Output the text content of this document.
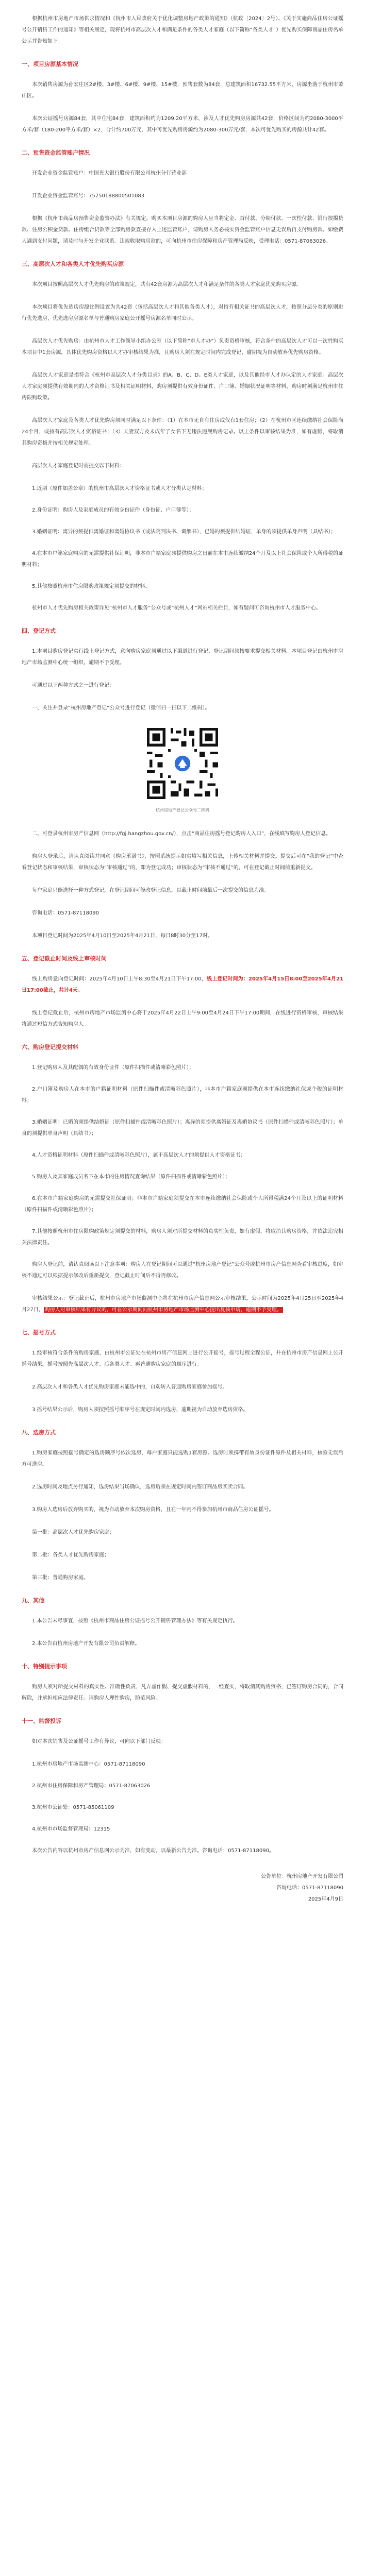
根据杭州市房地产市场供求情况和《杭州市人民政府关于优化调整房地产政策的通知》（杭政〔2024〕2号）、《关于实施商品住房公证摇号公开销售工作的通知》等相关规定，现将杭州市高层次人才和满足条件的各类人才家庭（以下简称“各类人才”）优先购买保障商品住房名单公示并告知如下：

一、项目房源基本情况

本次销售房源为孙宏庄区2#楼、3#楼、6#楼、9#楼、15#楼，预售套数为84套，总建筑面积16732.55平方米，房源坐落于杭州市萧山区。

本次公证摇号房源84套，其中住宅84套，建筑面积约为1209.20平方米，涉及人才优先购房房源共42套，价格区间为约2080-3000平方米/套（180-200平方米/套）×2，合计约700万元，其中可优先购房房源约为2080-300万元/套，本次可优先购买的房源共计42套。

二、预售资金监管账户情况

开发企业资金监管账户：中国光大银行股份有限公司杭州分行营业部

开发企业资金监管账号：75750188800501083

根据《杭州市商品房预售资金监管办法》有关规定，购买本项目房源的购房人应当将定金、首付款、分期付款、一次性付款、银行按揭贷款、住房公积金贷款、住房组合贷款等全部购房款直接存入上述监管账户，请购房人务必核实资金监管账户信息无误后再支付购房款。如缴费人遇到支付问题，请及时与开发企业联系。违规收取购房款的，可向杭州市住房保障和房产管理局反映，受理电话：0571-87063026。

三、高层次人才和各类人才优先购买房源

本次项目按照高层次人才优先购房的政策规定，共有42套房源为高层次人才和满足条件的各类人才家庭优先购买房源。

本次项目将优先选房房源比例设置为共42套（包括高层次人才和其他各类人才），对持有相关证书的高层次人才，按照分层分类的原则进行优先选房，优先选房房源名单与普通购房家庭公开摇号房源名单同时公示。

高层次人才优先购房：由杭州市人才工作领导小组办公室（以下简称“市人才办”）负责资格审核，符合条件的高层次人才可以一次性购买本项目中1套房源，具体优先购房资格以人才办审核结果为准，且购房人须在规定时间内完成登记，逾期视为自动放弃优先购房资格。

高层次人才家庭是指符合《杭州市高层次人才分类目录》的A、B、C、D、E类人才家庭，以及其他经市人才办认定的人才家庭。高层次人才家庭须提供有效期内的人才资格证书及相关证明材料，购房须提供有效身份证件、户口簿、婚姻状况证明等材料，购房时须满足杭州市住房限购政策。

高层次人才家庭及各类人才优先购房须同时满足以下条件：（1）在本市无自有住房或仅有1套住房；（2）在杭州市区连续缴纳社会保险满24个月，或持有高层次人才资格证书；（3）夫妻双方及未成年子女名下无违法违规购房记录。以上条件以审核结果为准，如有虚假，将取消其购房资格并按相关规定处理。

高层次人才家庭登记时需提交以下材料：

1.近期（原件加盖公章）的杭州市高层次人才资格证书或人才分类认定材料；
2.身份证明：购房人及家庭成员的有效身份证件（身份证、户口簿等）；
3.婚姻证明：离异的须提供离婚证和离婚协议书（或法院判决书、调解书），已婚的须提供结婚证，单身的须提供单身声明（具结书）；
4.在本市户籍家庭购房的无需提供社保证明，非本市户籍家庭须提供购房之日前在本市连续缴纳24个月及以上社会保险或个人所得税的证明材料；
5.其他按照杭州市住房限购政策规定须提交的材料。

杭州市人才优先购房相关政策详见“杭州市人才服务”公众号或“杭州人才”网站相关栏目，如有疑问可咨询杭州市人才服务中心。

四、登记方式

1.本项目购房登记实行线上登记方式，意向购房家庭须通过以下渠道进行登记，登记期间须按要求提交相关材料。本项目登记由杭州市房地产市场监测中心统一组织，逾期不予受理。

可通过以下两种方式之一进行登记：

一、关注并登录“杭州房地产登记”公众号进行登记（微信扫一扫以下二维码）。

杭州房地产登记公众号二维码

二、可登录杭州市房产信息网（http://fgj.hangzhou.gov.cn/），点击“商品住房摇号登记购房人入口”，在线填写购房人登记信息。

购房人登录后，请认真阅读并同意《购房承诺书》，按照系统提示如实填写相关信息，上传相关材料并提交。提交后可在“我的登记”中查看登记状态和审核结果，审核状态为“审核通过”的，即为登记成功；审核状态为“审核不通过”的，可在登记截止时间前重新提交。

每户家庭只能选择一种方式登记，在登记期间可修改登记信息，以截止时间前最后一次提交的信息为准。

咨询电话：0571-87118090

本项目登记时间为2025年4月10日至2025年4月21日，每日8时30分至17时。

五、登记截止时间及线上审核时间

线上购房意向登记时间：2025年4月10日上午8:30至4月21日下午17:00，线上登记时间为：2025年4月15日8:00至2025年4月21日17:00截止，共计4天。

线上登记截止后，杭州市房地产市场监测中心将于2025年4月22日上午9:00至4月24日下午17:00期间，在线进行资格审核，审核结果将通过短信方式告知购房人。

六、购房登记提交材料
1.登记购房人及其配偶的有效身份证件（原件扫描件或清晰彩色照片）；
2.户口簿及购房人在本市的户籍证明材料（原件扫描件或清晰彩色照片），非本市户籍家庭须提供在本市连续缴纳社保或个税的证明材料；
3.婚姻证明：已婚的须提供结婚证（原件扫描件或清晰彩色照片）；离异的须提供离婚证及离婚协议书（原件扫描件或清晰彩色照片）；单身的须提供单身声明（具结书）；
4.人才资格证明材料（原件扫描件或清晰彩色照片），属于高层次人才的须提供人才资格证书；
5.购房人及其家庭成员名下在本市的住房情况查询结果（原件扫描件或清晰彩色照片）；
6.在本市户籍家庭购房的无需提交社保证明；非本市户籍家庭须提交在本市连续缴纳社会保险或个人所得税满24个月及以上的证明材料（原件扫描件或清晰彩色照片）；
7.其他按照杭州市住房限购政策规定须提交的材料，购房人须对所提交材料的真实性负责，如有虚假，将取消其购房资格，并依法追究相关法律责任。

购房人登记前，请认真阅读以下注意事项：购房人在登记期间可以通过“杭州房地产登记”公众号或杭州市房产信息网查看审核进度，如审核不通过可以根据提示修改后重新提交，登记截止时间后不得再修改。

审核结果公示：登记截止后，杭州市房地产市场监测中心将在杭州市房产信息网公示审核结果，公示时间为2025年4月25日至2025年4月27日， 购房人对审核结果有异议的，可在公示期间向杭州市房地产市场监测中心提出复核申请，逾期不予受理。

七、摇号方式

1.经审核符合条件的购房家庭，由杭州市公证处在杭州市房产信息网上进行公开摇号，摇号过程全程公证，并在杭州市房产信息网上公开摇号结果。摇号按照先高层次人才、后各类人才、再普通购房家庭的顺序进行。

2.高层次人才和各类人才优先购房家庭未能选中的，自动转入普通购房家庭参加摇号。

3.摇号结果公示后，购房人须按照摇号顺序号在规定时间内选房，逾期视为自动放弃选房资格。

八、选房方式

1.购房家庭按照摇号确定的选房顺序号依次选房，每户家庭只能选购1套房源。选房时须携带有效身份证件原件及相关材料，核验无误后方可选房。

2.选房时间及地点另行通知，选房结果当场确认，选房后须在规定时间内签订商品房买卖合同。

3.购房人选房后放弃购买的，视为自动放弃本次购房资格，且在一年内不得参加杭州市商品住房公证摇号。

第一批：高层次人才优先购房家庭；

第二批：各类人才优先购房家庭；

第三批：普通购房家庭。

九、其他

1.本公告未尽事宜，按照《杭州市商品住房公证摇号公开销售管理办法》等有关规定执行。

2.本公告由杭州房地产开发有限公司负责解释。

十、特别提示事项

购房人须对所提交材料的真实性、准确性负责，凡弄虚作假、提交虚假材料的，一经查实，将取消其购房资格，已签订购房合同的，合同解除，并承担相应法律责任。请购房人理性购房，防范风险。

十一、监督投诉

如对本次销售及公证摇号工作有异议，可向以下部门反映：

1.杭州市房地产市场监测中心：0571-87118090
2.杭州市住房保障和房产管理局：0571-87063026
3.杭州市公证处：0571-85061109
4.杭州市市场监督管理局：12315

本次公告内容以杭州市房产信息网公示为准，如有变动，以最新公告为准。咨询电话：0571-87118090。

公告单位：杭州房地产开发有限公司

咨询电话：0571-87118090

2025年4月9日
